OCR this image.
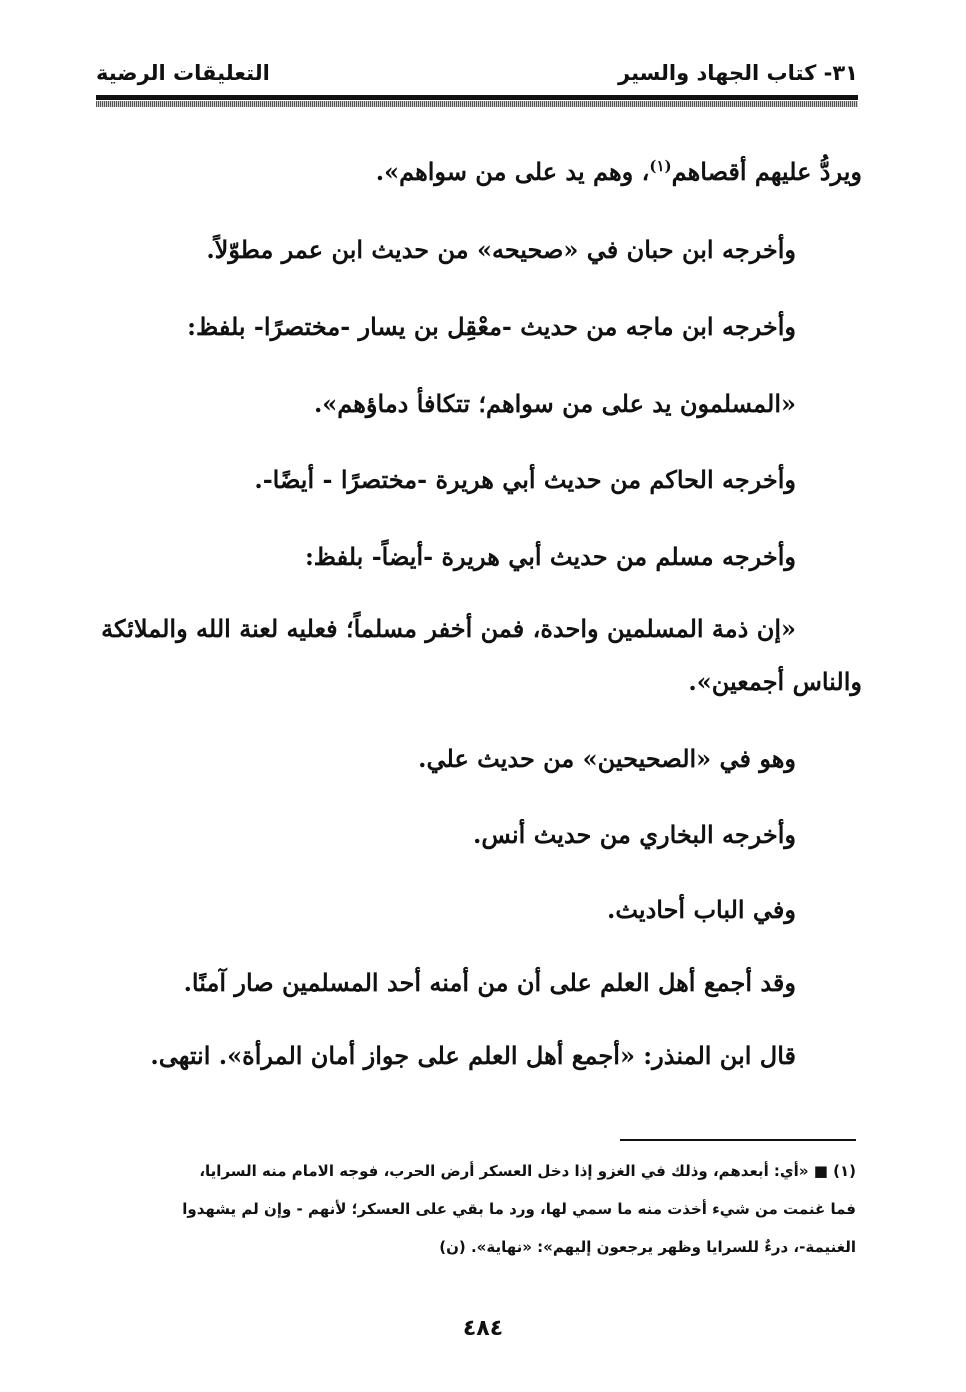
٣١- كتاب الجهاد والسير
التعليقات الرضية
ويردُّ عليهم أقصاهم$^{(١)}$، وهم يد على من سواهم».
وأخرجه ابن حبان في «صحيحه» من حديث ابن عمر مطوّلاً.
وأخرجه ابن ماجه من حديث -معْقِل بن يسار -مختصرًا- بلفظ:
«المسلمون يد على من سواهم؛ تتكافأ دماؤهم».
وأخرجه الحاكم من حديث أبي هريرة -مختصرًا - أيضًا-.
وأخرجه مسلم من حديث أبي هريرة -أيضاً- بلفظ:
«إن ذمة المسلمين واحدة، فمن أخفر مسلماً؛ فعليه لعنة الله والملائكة
والناس أجمعين».
وهو في «الصحيحين» من حديث علي.
وأخرجه البخاري من حديث أنس.
وفي الباب أحاديث.
وقد أجمع أهل العلم على أن من أمنه أحد المسلمين صار آمنًا.
قال ابن المنذر: «أجمع أهل العلم على جواز أمان المرأة». انتهى.
(١) ■ «أي: أبعدهم، وذلك في الغزو إذا دخل العسكر أرض الحرب، فوجه الامام منه السرايا،
فما غنمت من شيء أخذت منه ما سمي لها، ورد ما بقي على العسكر؛ لأنهم - وإن لم يشهدوا
الغنيمة-، درءٌ للسرايا وظهر يرجعون إليهم»: «نهاية». (ن)
٤٨٤
